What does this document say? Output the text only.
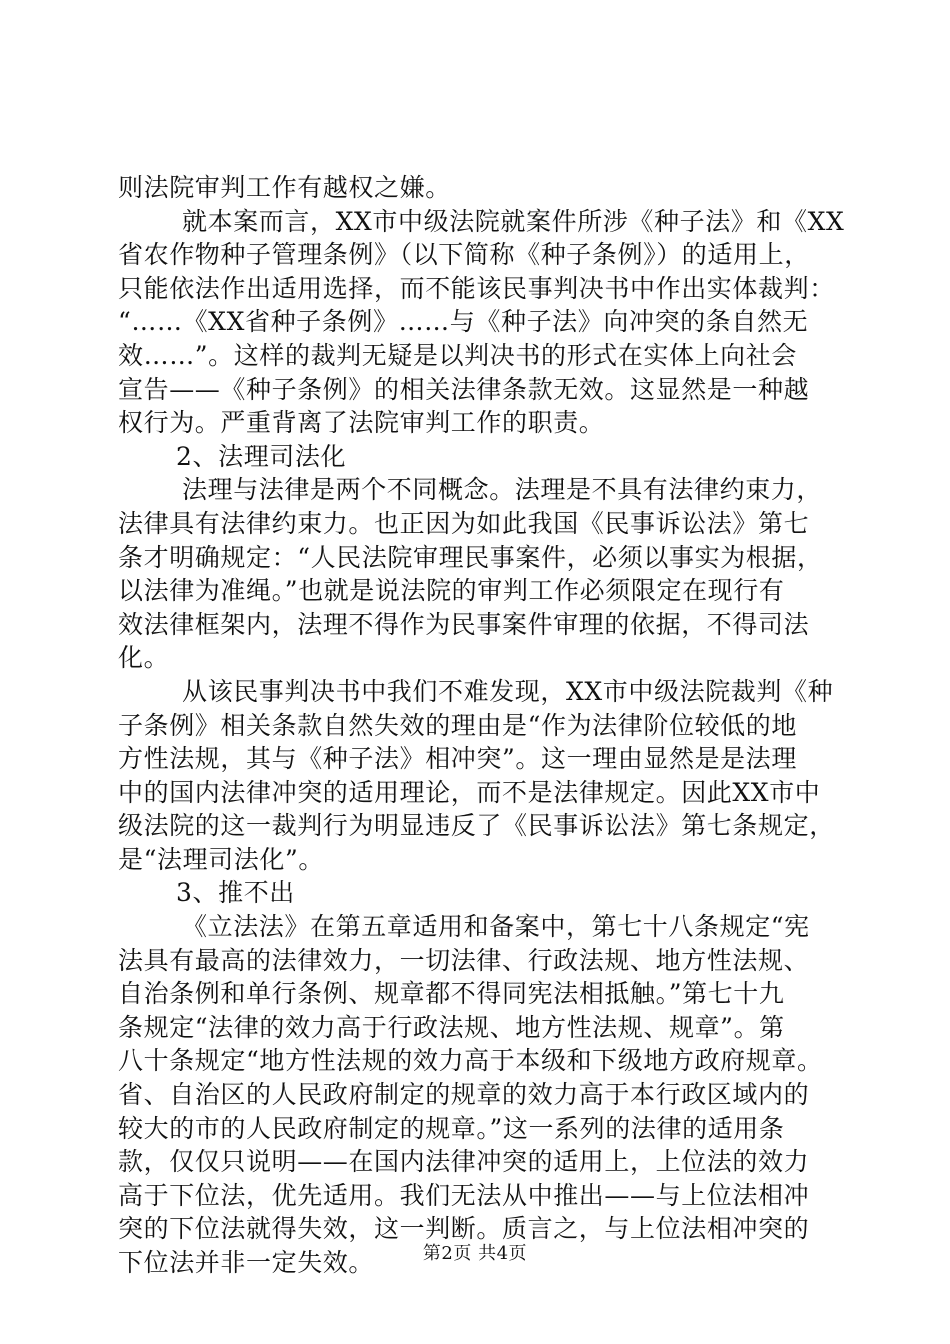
则法院审判工作有越权之嫌。
就本案而言，XX市中级法院就案件所涉《种子法》和《XX
省农作物种子管理条例》（以下简称《种子条例》）的适用上，
只能依法作出适用选择，而不能该民事判决书中作出实体裁判：
“……《XX省种子条例》……与《种子法》向冲突的条自然无
效……”。这样的裁判无疑是以判决书的形式在实体上向社会
宣告——《种子条例》的相关法律条款无效。这显然是一种越
权行为。严重背离了法院审判工作的职责。
2、法理司法化
法理与法律是两个不同概念。法理是不具有法律约束力，
法律具有法律约束力。也正因为如此我国《民事诉讼法》第七
条才明确规定：“人民法院审理民事案件，必须以事实为根据，
以法律为准绳。”也就是说法院的审判工作必须限定在现行有
效法律框架内，法理不得作为民事案件审理的依据，不得司法
化。
从该民事判决书中我们不难发现，XX市中级法院裁判《种
子条例》相关条款自然失效的理由是“作为法律阶位较低的地
方性法规，其与《种子法》相冲突”。这一理由显然是是法理
中的国内法律冲突的适用理论，而不是法律规定。因此XX市中
级法院的这一裁判行为明显违反了《民事诉讼法》第七条规定，
是“法理司法化”。
3、推不出
《立法法》在第五章适用和备案中，第七十八条规定“宪
法具有最高的法律效力，一切法律、行政法规、地方性法规、
自治条例和单行条例、规章都不得同宪法相抵触。”第七十九
条规定“法律的效力高于行政法规、地方性法规、规章”。第
八十条规定“地方性法规的效力高于本级和下级地方政府规章。
省、自治区的人民政府制定的规章的效力高于本行政区域内的
较大的市的人民政府制定的规章。”这一系列的法律的适用条
款，仅仅只说明——在国内法律冲突的适用上，上位法的效力
高于下位法，优先适用。我们无法从中推出——与上位法相冲
突的下位法就得失效，这一判断。质言之，与上位法相冲突的
下位法并非一定失效。	第2页 共4页
